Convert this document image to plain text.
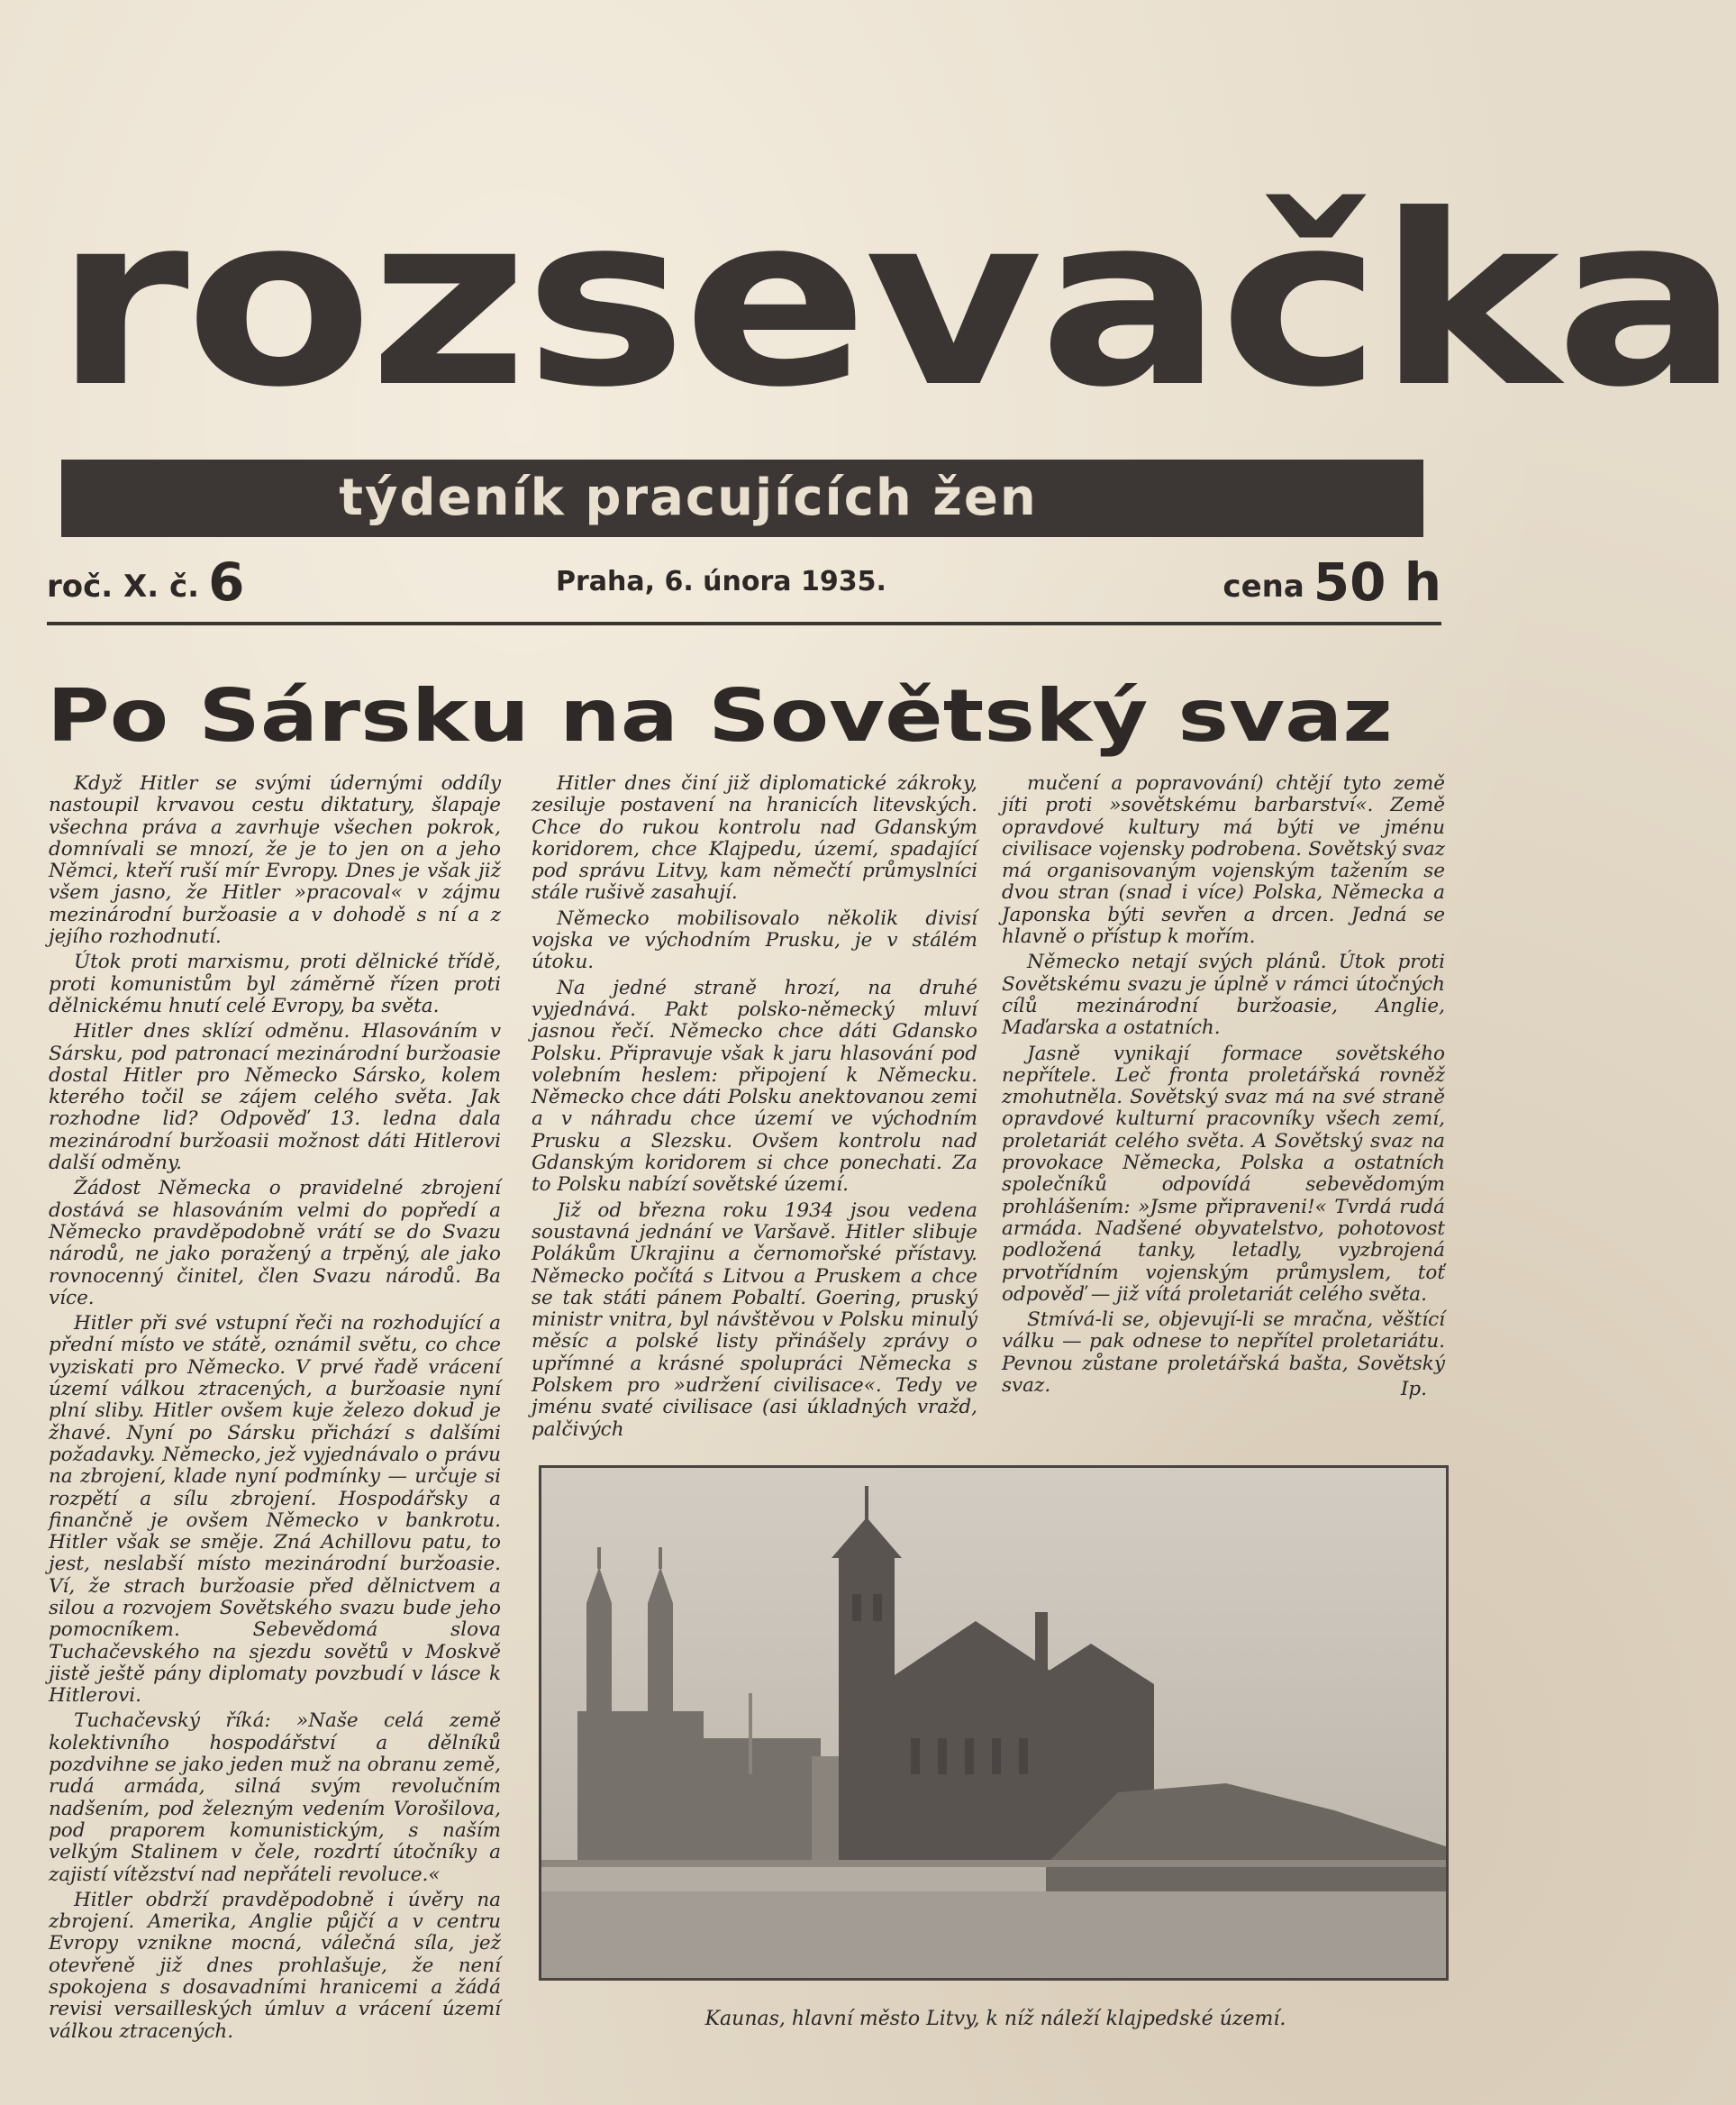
rozsevačka
týdeník pracujících žen
roč. X. č. 6	Praha, 6. února 1935.	cena 50 h
Po Sársku na Sovětský svaz

Když Hitler se svými údernými oddíly nastoupil krvavou cestu diktatury, šlapaje všechna práva a zavrhuje všechen pokrok, domnívali se mnozí, že je to jen on a jeho Němci, kteří ruší mír Evropy. Dnes je však již všem jasno, že Hitler »pracoval« v zájmu mezinárodní buržoasie a v dohodě s ní a z jejího rozhodnutí.

Útok proti marxismu, proti dělnické třídě, proti komunistům byl záměrně řízen proti dělnickému hnutí celé Evropy, ba světa.

Hitler dnes sklízí odměnu. Hlasováním v Sársku, pod patronací mezinárodní buržoasie dostal Hitler pro Německo Sársko, kolem kterého točil se zájem celého světa. Jak rozhodne lid? Odpověď 13. ledna dala mezinárodní buržoasii možnost dáti Hitlerovi další odměny.

Žádost Německa o pravidelné zbrojení dostává se hlasováním velmi do popředí a Německo pravděpodobně vrátí se do Svazu národů, ne jako poražený a trpěný, ale jako rovnocenný činitel, člen Svazu národů. Ba více.

Hitler při své vstupní řeči na rozhodující a přední místo ve státě, oznámil světu, co chce vyziskati pro Německo. V prvé řadě vrácení území válkou ztracených, a buržoasie nyní plní sliby. Hitler ovšem kuje železo dokud je žhavé. Nyní po Sársku přichází s dalšími požadavky. Německo, jež vyjednávalo o právu na zbrojení, klade nyní podmínky — určuje si rozpětí a sílu zbrojení. Hospodářsky a finančně je ovšem Německo v bankrotu. Hitler však se směje. Zná Achillovu patu, to jest, neslabší místo mezinárodní buržoasie. Ví, že strach buržoasie před dělnictvem a silou a rozvojem Sovětského svazu bude jeho pomocníkem. Sebevědomá slova Tuchačevského na sjezdu sovětů v Moskvě jistě ještě pány diplomaty povzbudí v lásce k Hitlerovi.

Tuchačevský říká: »Naše celá země kolektivního hospodářství a dělníků pozdvihne se jako jeden muž na obranu země, rudá armáda, silná svým revolučním nadšením, pod železným vedením Vorošilova, pod praporem komunistickým, s naším velkým Stalinem v čele, rozdrtí útočníky a zajistí vítězství nad nepřáteli revoluce.«

Hitler obdrží pravděpodobně i úvěry na zbrojení. Amerika, Anglie půjčí a v centru Evropy vznikne mocná, válečná síla, jež otevřeně již dnes prohlašuje, že není spokojena s dosavadními hranicemi a žádá revisi versailleských úmluv a vrácení území válkou ztracených.

Hitler dnes činí již diplomatické zákroky, zesiluje postavení na hranicích litevských. Chce do rukou kontrolu nad Gdanským koridorem, chce Klajpedu, území, spadající pod správu Litvy, kam němečtí průmyslníci stále rušivě zasahují.

Německo mobilisovalo několik divisí vojska ve východním Prusku, je v stálém útoku.

Na jedné straně hrozí, na druhé vyjednává. Pakt polsko-německý mluví jasnou řečí. Německo chce dáti Gdansko Polsku. Připravuje však k jaru hlasování pod volebním heslem: připojení k Německu. Německo chce dáti Polsku anektovanou zemi a v náhradu chce území ve východním Prusku a Slezsku. Ovšem kontrolu nad Gdanským koridorem si chce ponechati. Za to Polsku nabízí sovětské území.

Již od března roku 1934 jsou vedena soustavná jednání ve Varšavě. Hitler slibuje Polákům Ukrajinu a černomořské přístavy. Německo počítá s Litvou a Pruskem a chce se tak státi pánem Pobaltí. Goering, pruský ministr vnitra, byl návštěvou v Polsku minulý měsíc a polské listy přinášely zprávy o upřímné a krásné spolupráci Německa s Polskem pro »udržení civilisace«. Tedy ve jménu svaté civilisace (asi úkladných vražd, palčivých

mučení a popravování) chtějí tyto země jíti proti »sovětskému barbarství«. Země opravdové kultury má býti ve jménu civilisace vojensky podrobena. Sovětský svaz má organisovaným vojenským tažením se dvou stran (snad i více) Polska, Německa a Japonska býti sevřen a drcen. Jedná se hlavně o přístup k mořím.

Německo netají svých plánů. Útok proti Sovětskému svazu je úplně v rámci útočných cílů mezinárodní buržoasie, Anglie, Maďarska a ostatních.

Jasně vynikají formace sovětského nepřítele. Leč fronta proletářská rovněž zmohutněla. Sovětský svaz má na své straně opravdové kulturní pracovníky všech zemí, proletariát celého světa. A Sovětský svaz na provokace Německa, Polska a ostatních společníků odpovídá sebevědomým prohlášením: »Jsme připraveni!« Tvrdá rudá armáda. Nadšené obyvatelstvo, pohotovost podložená tanky, letadly, vyzbrojená prvotřídním vojenským průmyslem, toť odpověď — již vítá proletariát celého světa.

Stmívá-li se, objevují-li se mračna, věštící válku — pak odnese to nepřítel proletariátu. Pevnou zůstane proletářská bašta, Sovětský svaz.	Ip.
Kaunas, hlavní město Litvy, k níž náleží klajpedské území.
